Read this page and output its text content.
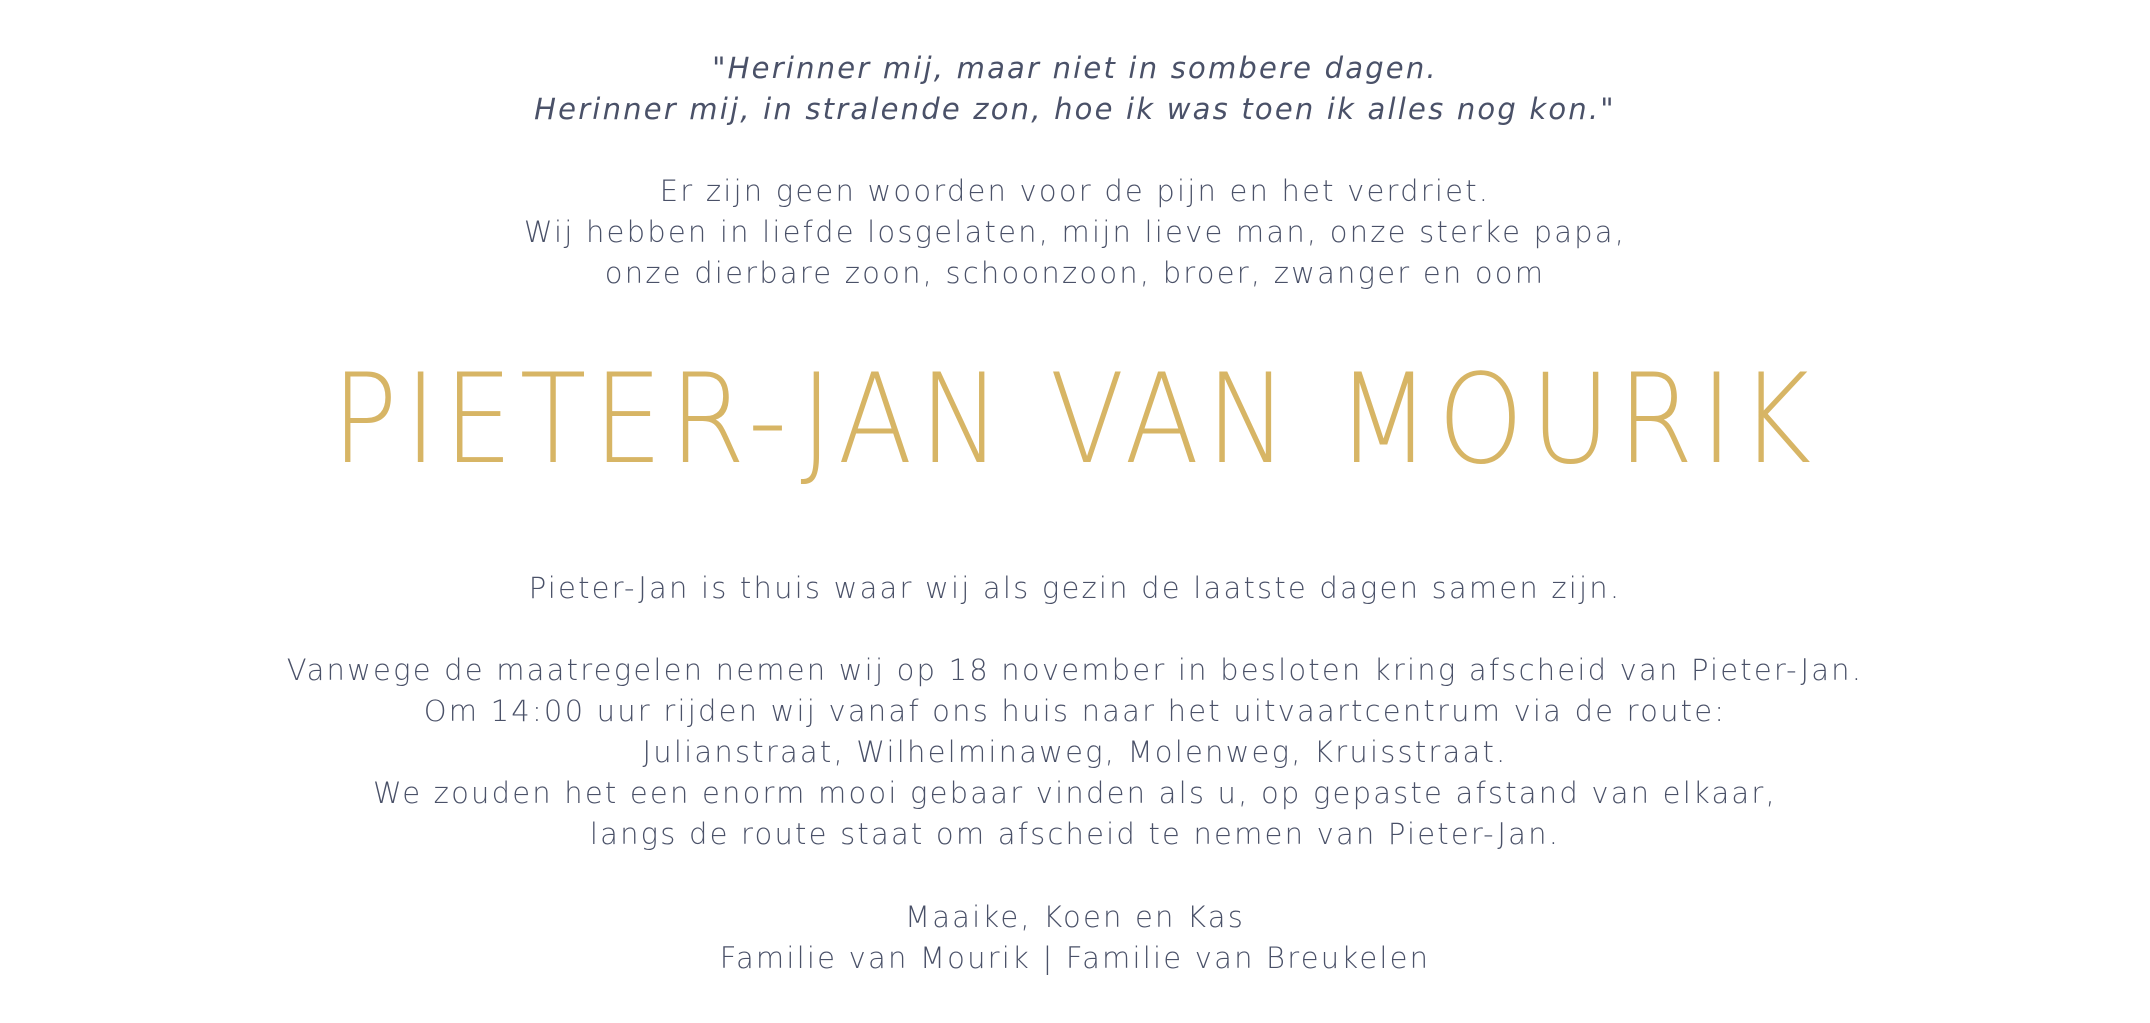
"Herinner mij, maar niet in sombere dagen.
Herinner mij, in stralende zon, hoe ik was toen ik alles nog kon."
Er zijn geen woorden voor de pijn en het verdriet.
Wij hebben in liefde losgelaten, mijn lieve man, onze sterke papa,
onze dierbare zoon, schoonzoon, broer, zwanger en oom
PIETER-JAN VAN MOURIK
Pieter-Jan is thuis waar wij als gezin de laatste dagen samen zijn.
Vanwege de maatregelen nemen wij op 18 november in besloten kring afscheid van Pieter-Jan.
Om 14:00 uur rijden wij vanaf ons huis naar het uitvaartcentrum via de route:
Julianstraat, Wilhelminaweg, Molenweg, Kruisstraat.
We zouden het een enorm mooi gebaar vinden als u, op gepaste afstand van elkaar,
langs de route staat om afscheid te nemen van Pieter-Jan.
Maaike, Koen en Kas
Familie van Mourik | Familie van Breukelen
